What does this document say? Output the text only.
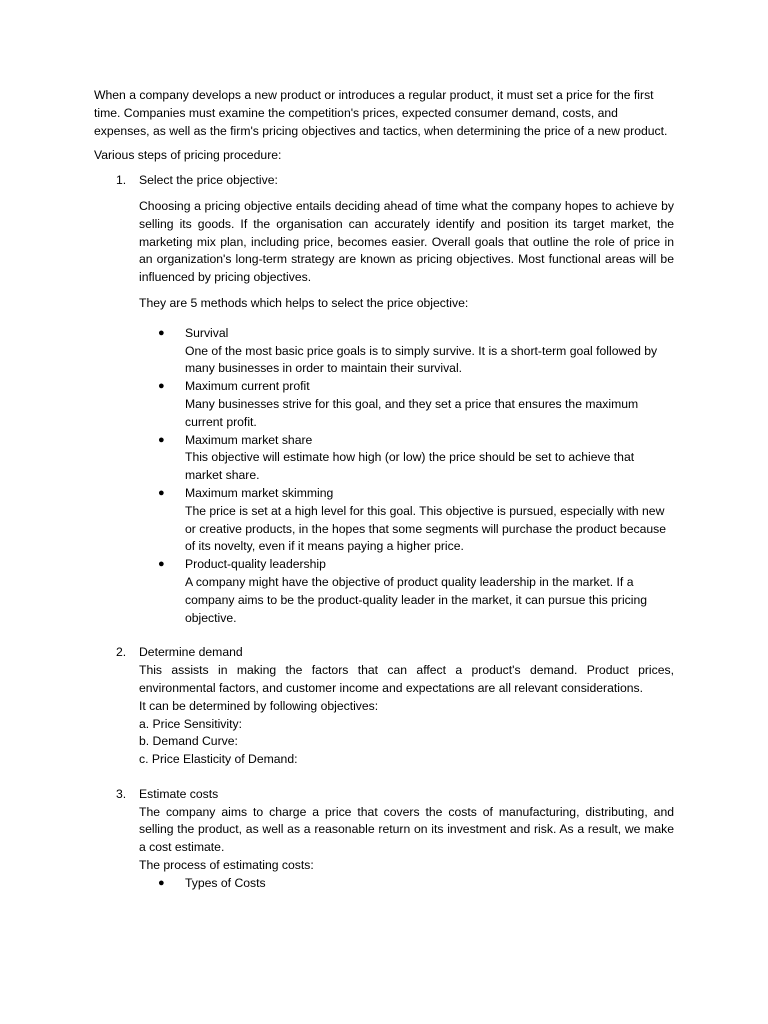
When a company develops a new product or introduces a regular product, it must set a price for the first time. Companies must examine the competition's prices, expected consumer demand, costs, and expenses, as well as the firm's pricing objectives and tactics, when determining the price of a new product.

Various steps of pricing procedure:

1. Select the price objective:

Choosing a pricing objective entails deciding ahead of time what the company hopes to achieve by selling its goods. If the organisation can accurately identify and position its target market, the marketing mix plan, including price, becomes easier. Overall goals that outline the role of price in an organization's long-term strategy are known as pricing objectives. Most functional areas will be influenced by pricing objectives.

They are 5 methods which helps to select the price objective:

● Survival
One of the most basic price goals is to simply survive. It is a short-term goal followed by many businesses in order to maintain their survival.
● Maximum current profit
Many businesses strive for this goal, and they set a price that ensures the maximum current profit.
● Maximum market share
This objective will estimate how high (or low) the price should be set to achieve that market share.
● Maximum market skimming
The price is set at a high level for this goal. This objective is pursued, especially with new or creative products, in the hopes that some segments will purchase the product because of its novelty, even if it means paying a higher price.
● Product-quality leadership
A company might have the objective of product quality leadership in the market. If a company aims to be the product-quality leader in the market, it can pursue this pricing objective.
2. Determine demand

This assists in making the factors that can affect a product's demand. Product prices, environmental factors, and customer income and expectations are all relevant considerations.

It can be determined by following objectives:

a. Price Sensitivity:

b. Demand Curve:

c. Price Elasticity of Demand:

3. Estimate costs

The company aims to charge a price that covers the costs of manufacturing, distributing, and selling the product, as well as a reasonable return on its investment and risk. As a result, we make a cost estimate.

The process of estimating costs:

● Types of Costs
